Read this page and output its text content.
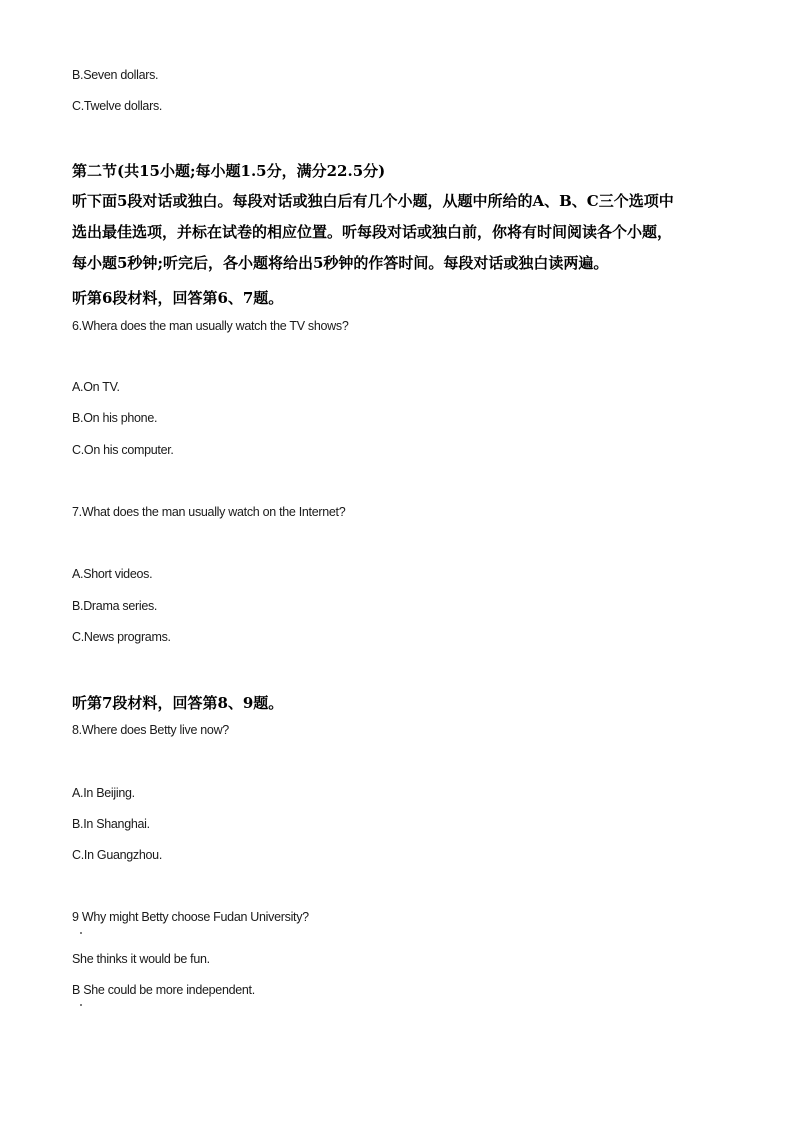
B.Seven dollars.
C.Twelve dollars.
第二节(共15小题;每小题1.5分，满分22.5分)
听下面5段对话或独白。每段对话或独白后有几个小题，从题中所给的A、B、C三个选项中
选出最佳选项，并标在试卷的相应位置。听每段对话或独白前，你将有时间阅读各个小题，
每小题5秒钟;听完后，各小题将给出5秒钟的作答时间。每段对话或独白读两遍。
听第6段材料，回答第6、7题。
6.Whera does the man usually watch the TV shows?
A.On TV.
B.On his phone.
C.On his computer.
7.What does the man usually watch on the Internet?
A.Short videos.
B.Drama series.
C.News programs.
听第7段材料，回答第8、9题。
8.Where does Betty live now?
A.In Beijing.
B.In Shanghai.
C.In Guangzhou.
9 Why might Betty choose Fudan University?
She thinks it would be fun.
B She could be more independent.
